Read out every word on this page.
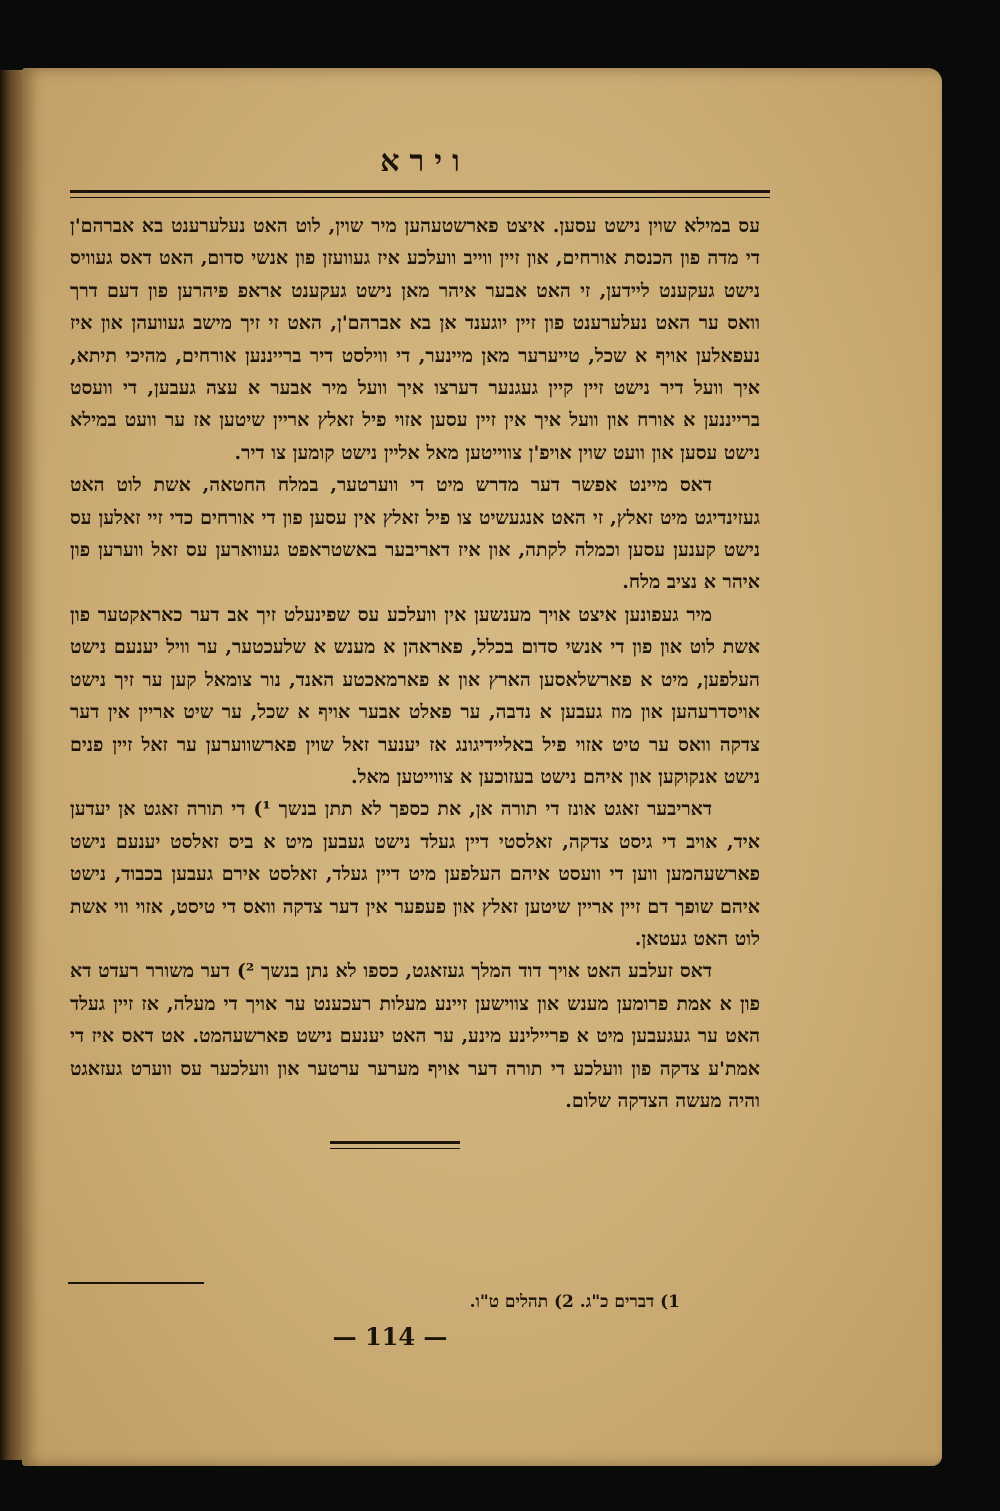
וירא

עס במילא שוין נישט עסען. איצט פארשטעהען מיר שוין, לוט האט נעלערענט בא אברהם'ן די מדה פון הכנסת אורחים, און זיין ווייב וועלכע איז געוועזן פון אנשי סדום, האט דאס געוויס נישט געקענט ליידען, זי האט אבער איהר מאן נישט געקענט אראפ פיהרען פון דעם דרך וואס ער האט נעלערענט פון זיין יוגענד אן בא אברהם'ן, האט זי זיך מישב געוועהן און איז נעפאלען אויף א שכל, טייערער מאן מיינער, די ווילסט דיר ברייננען אורחים, מהיכי תיתא, איך וועל דיר נישט זיין קיין געגנער דערצו איך וועל מיר אבער א עצה געבען, די וועסט ברייננען א אורח און וועל איך אין זיין עסען אזוי פיל זאלץ אריין שיטען אז ער וועט במילא נישט עסען און וועט שוין אויפ'ן צווייטען מאל אליין נישט קומען צו דיר.

דאס מיינט אפשר דער מדרש מיט די ווערטער, במלח החטאה, אשת לוט האט געזינדיגט מיט זאלץ, זי האט אנגעשיט צו פיל זאלץ אין עסען פון די אורחים כדי זיי זאלען עס נישט קענען עסען וכמלה לקתה, און איז דאריבער באשטראפט געווארען עס זאל ווערען פון איהר א נציב מלח.

מיר געפונען איצט אויך מענשען אין וועלכע עס שפינעלט זיך אב דער כאראקטער פון אשת לוט און פון די אנשי סדום בכלל, פאראהן א מענש א שלעכטער, ער וויל יענעם נישט העלפען, מיט א פארשלאסען הארץ און א פארמאכטע האנד, נור צומאל קען ער זיך נישט אויסדרעהען און מוז געבען א נדבה, ער פאלט אבער אויף א שכל, ער שיט אריין אין דער צדקה וואס ער טיט אזוי פיל באליידיגונג אז יענער זאל שוין פארשווערען ער זאל זיין פנים נישט אנקוקען און איהם נישט בעזוכען א צווייטען מאל.

דאריבער זאגט אונז די תורה אן, את כספך לא תתן בנשך ¹) די תורה זאגט אן יעדען איד, אויב די גיסט צדקה, זאלסטי דיין געלד נישט געבען מיט א ביס זאלסט יענעם נישט פארשעהמען ווען די וועסט איהם העלפען מיט דיין געלד, זאלסט אירם געבען בכבוד, נישט איהם שופך דם זיין אריין שיטען זאלץ און פעפער אין דער צדקה וואס די טיסט, אזוי ווי אשת לוט האט געטאן.

דאס זעלבע האט אויך דוד המלך געזאגט, כספו לא נתן בנשך ²) דער משורר רעדט דא פון א אמת פרומען מענש און צווישען זיינע מעלות רעכענט ער אויך די מעלה, אז זיין געלד האט ער געגעבען מיט א פריילינע מינע, ער האט יענעם נישט פארשעהמט. אט דאס איז די אמת'ע צדקה פון וועלכע די תורה דער אויף מערער ערטער און וועלכער עס ווערט געזאגט והיה מעשה הצדקה שלום.

1) דברים כ"ג. 2) תהלים ט"ו.
— 114 —
